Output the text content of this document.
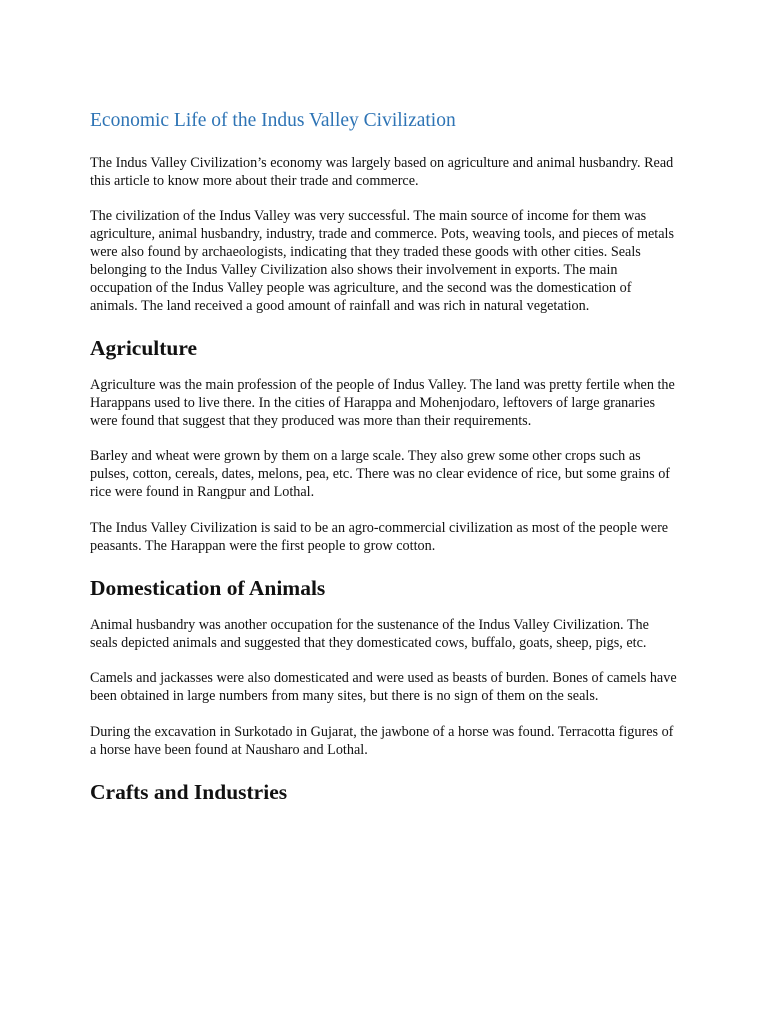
Economic Life of the Indus Valley Civilization

The Indus Valley Civilization’s economy was largely based on agriculture and animal husbandry. Read this article to know more about their trade and commerce.

The civilization of the Indus Valley was very successful. The main source of income for them was agriculture, animal husbandry, industry, trade and commerce. Pots, weaving tools, and pieces of metals were also found by archaeologists, indicating that they traded these goods with other cities. Seals belonging to the Indus Valley Civilization also shows their involvement in exports. The main occupation of the Indus Valley people was agriculture, and the second was the domestication of animals. The land received a good amount of rainfall and was rich in natural vegetation.

Agriculture

Agriculture was the main profession of the people of Indus Valley. The land was pretty fertile when the Harappans used to live there. In the cities of Harappa and Mohenjodaro, leftovers of large granaries were found that suggest that they produced was more than their requirements.

Barley and wheat were grown by them on a large scale. They also grew some other crops such as pulses, cotton, cereals, dates, melons, pea, etc. There was no clear evidence of rice, but some grains of rice were found in Rangpur and Lothal.

The Indus Valley Civilization is said to be an agro-commercial civilization as most of the people were peasants. The Harappan were the first people to grow cotton.

Domestication of Animals

Animal husbandry was another occupation for the sustenance of the Indus Valley Civilization. The seals depicted animals and suggested that they domesticated cows, buffalo, goats, sheep, pigs, etc.

Camels and jackasses were also domesticated and were used as beasts of burden. Bones of camels have been obtained in large numbers from many sites, but there is no sign of them on the seals.

During the excavation in Surkotado in Gujarat, the jawbone of a horse was found. Terracotta figures of a horse have been found at Nausharo and Lothal.

Crafts and Industries
